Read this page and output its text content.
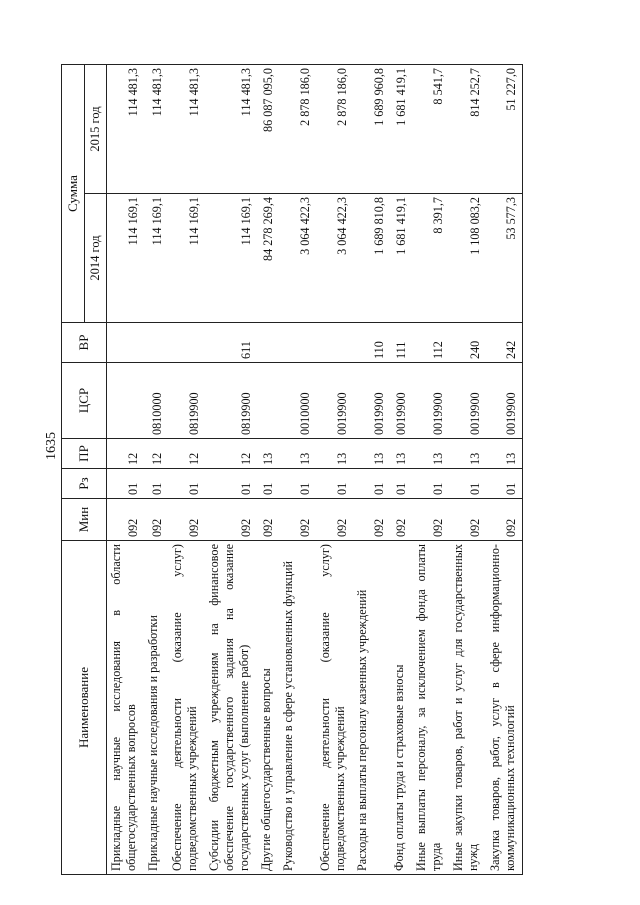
1635
Наименование	Мин	Рз	ПР	ЦСР	ВР	Сумма	
						2014 год	2015 год
Прикладные научные исследования в области общегосударственных вопросов	092	01	12			114 169,1	114 481,3
Прикладные научные исследования и разработки	092	01	12	0810000		114 169,1	114 481,3
Обеспечение деятельности (оказание услуг) подведомственных учреждений	092	01	12	0819900		114 169,1	114 481,3
Субсидии бюджетным учреждениям на финансовое обеспечение государственного задания на оказание государственных услуг (выполнение работ)	092	01	12	0819900	611	114 169,1	114 481,3
Другие общегосударственные вопросы	092	01	13			84 278 269,4	86 087 095,0
Руководство и управление в сфере установленных функций	092	01	13	0010000		3 064 422,3	2 878 186,0
Обеспечение деятельности (оказание услуг) подведомственных учреждений	092	01	13	0019900		3 064 422,3	2 878 186,0
Расходы на выплаты персоналу казенных учреждений	092	01	13	0019900	110	1 689 810,8	1 689 960,8
Фонд оплаты труда и страховые взносы	092	01	13	0019900	111	1 681 419,1	1 681 419,1
Иные выплаты персоналу, за исключением фонда оплаты труда	092	01	13	0019900	112	8 391,7	8 541,7
Иные закупки товаров, работ и услуг для государственных нужд	092	01	13	0019900	240	1 108 083,2	814 252,7
Закупка товаров, работ, услуг в сфере информационно-коммуникационных технологий	092	01	13	0019900	242	53 577,3	51 227,0
